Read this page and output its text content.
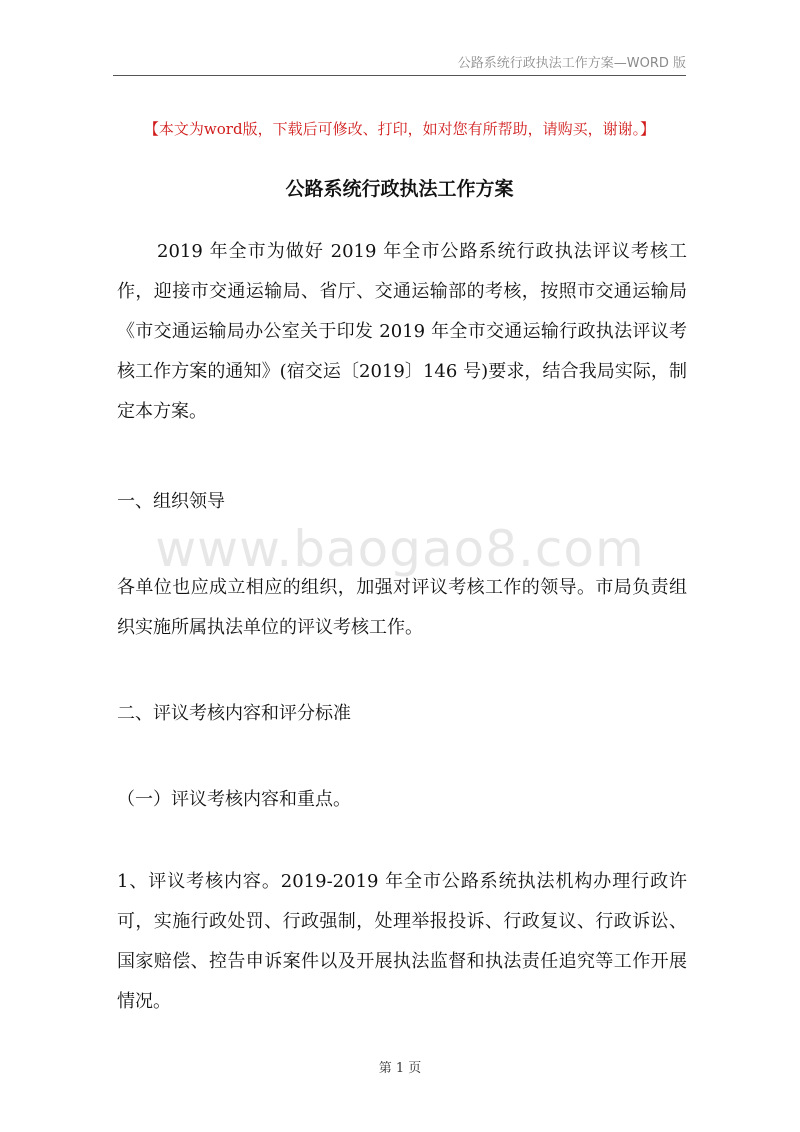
公路系统行政执法工作方案—WORD 版
【本文为word版，下载后可修改、打印，如对您有所帮助，请购买，谢谢。】
公路系统行政执法工作方案
2019 年全市为做好 2019 年全市公路系统行政执法评议考核工作，迎接市交通运输局、省厅、交通运输部的考核，按照市交通运输局《市交通运输局办公室关于印发 2019 年全市交通运输行政执法评议考核工作方案的通知》(宿交运〔2019〕146 号)要求，结合我局实际，制定本方案。
一、组织领导
www.baogao8.com
各单位也应成立相应的组织，加强对评议考核工作的领导。市局负责组织实施所属执法单位的评议考核工作。
二、评议考核内容和评分标准
（一）评议考核内容和重点。
1、评议考核内容。2019-2019 年全市公路系统执法机构办理行政许可，实施行政处罚、行政强制，处理举报投诉、行政复议、行政诉讼、国家赔偿、控告申诉案件以及开展执法监督和执法责任追究等工作开展情况。
第 1 页
